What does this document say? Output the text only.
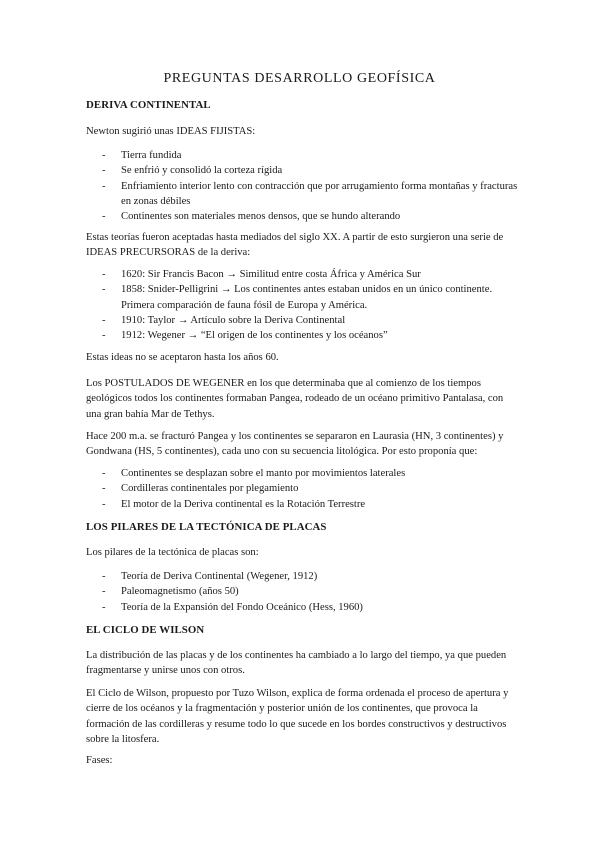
PREGUNTAS DESARROLLO GEOFÍSICA
DERIVA CONTINENTAL
Newton sugirió unas IDEAS FIJISTAS:
- Tierra fundida
- Se enfrió y consolidó la corteza rígida
- Enfriamiento interior lento con contracción que por arrugamiento forma montañas y fracturas en zonas débiles
- Continentes son materiales menos densos, que se hundo alterando
Estas teorías fueron aceptadas hasta mediados del siglo XX. A partir de esto surgieron una serie de IDEAS PRECURSORAS de la deriva:
- 1620: Sir Francis Bacon → Similitud entre costa África y América Sur
- 1858: Snider-Pelligrini → Los continentes antes estaban unidos en un único continente. Primera comparación de fauna fósil de Europa y América.
- 1910: Taylor → Artículo sobre la Deriva Continental
- 1912: Wegener → “El origen de los continentes y los océanos”
Estas ideas no se aceptaron hasta los años 60.
Los POSTULADOS DE WEGENER en los que determinaba que al comienzo de los tiempos geológicos todos los continentes formaban Pangea, rodeado de un océano primitivo Pantalasa, con una gran bahía Mar de Tethys.
Hace 200 m.a. se fracturó Pangea y los continentes se separaron en Laurasia (HN, 3 continentes) y Gondwana (HS, 5 continentes), cada uno con su secuencia litológica. Por esto proponía que:
- Continentes se desplazan sobre el manto por movimientos laterales
- Cordilleras continentales por plegamiento
- El motor de la Deriva continental es la Rotación Terrestre
LOS PILARES DE LA TECTÓNICA DE PLACAS
Los pilares de la tectónica de placas son:
- Teoría de Deriva Continental (Wegener, 1912)
- Paleomagnetismo (años 50)
- Teoría de la Expansión del Fondo Oceánico (Hess, 1960)
EL CICLO DE WILSON
La distribución de las placas y de los continentes ha cambiado a lo largo del tiempo, ya que pueden fragmentarse y unirse unos con otros.
El Ciclo de Wilson, propuesto por Tuzo Wilson, explica de forma ordenada el proceso de apertura y cierre de los océanos y la fragmentación y posterior unión de los continentes, que provoca la formación de las cordilleras y resume todo lo que sucede en los bordes constructivos y destructivos sobre la litosfera.
Fases:
